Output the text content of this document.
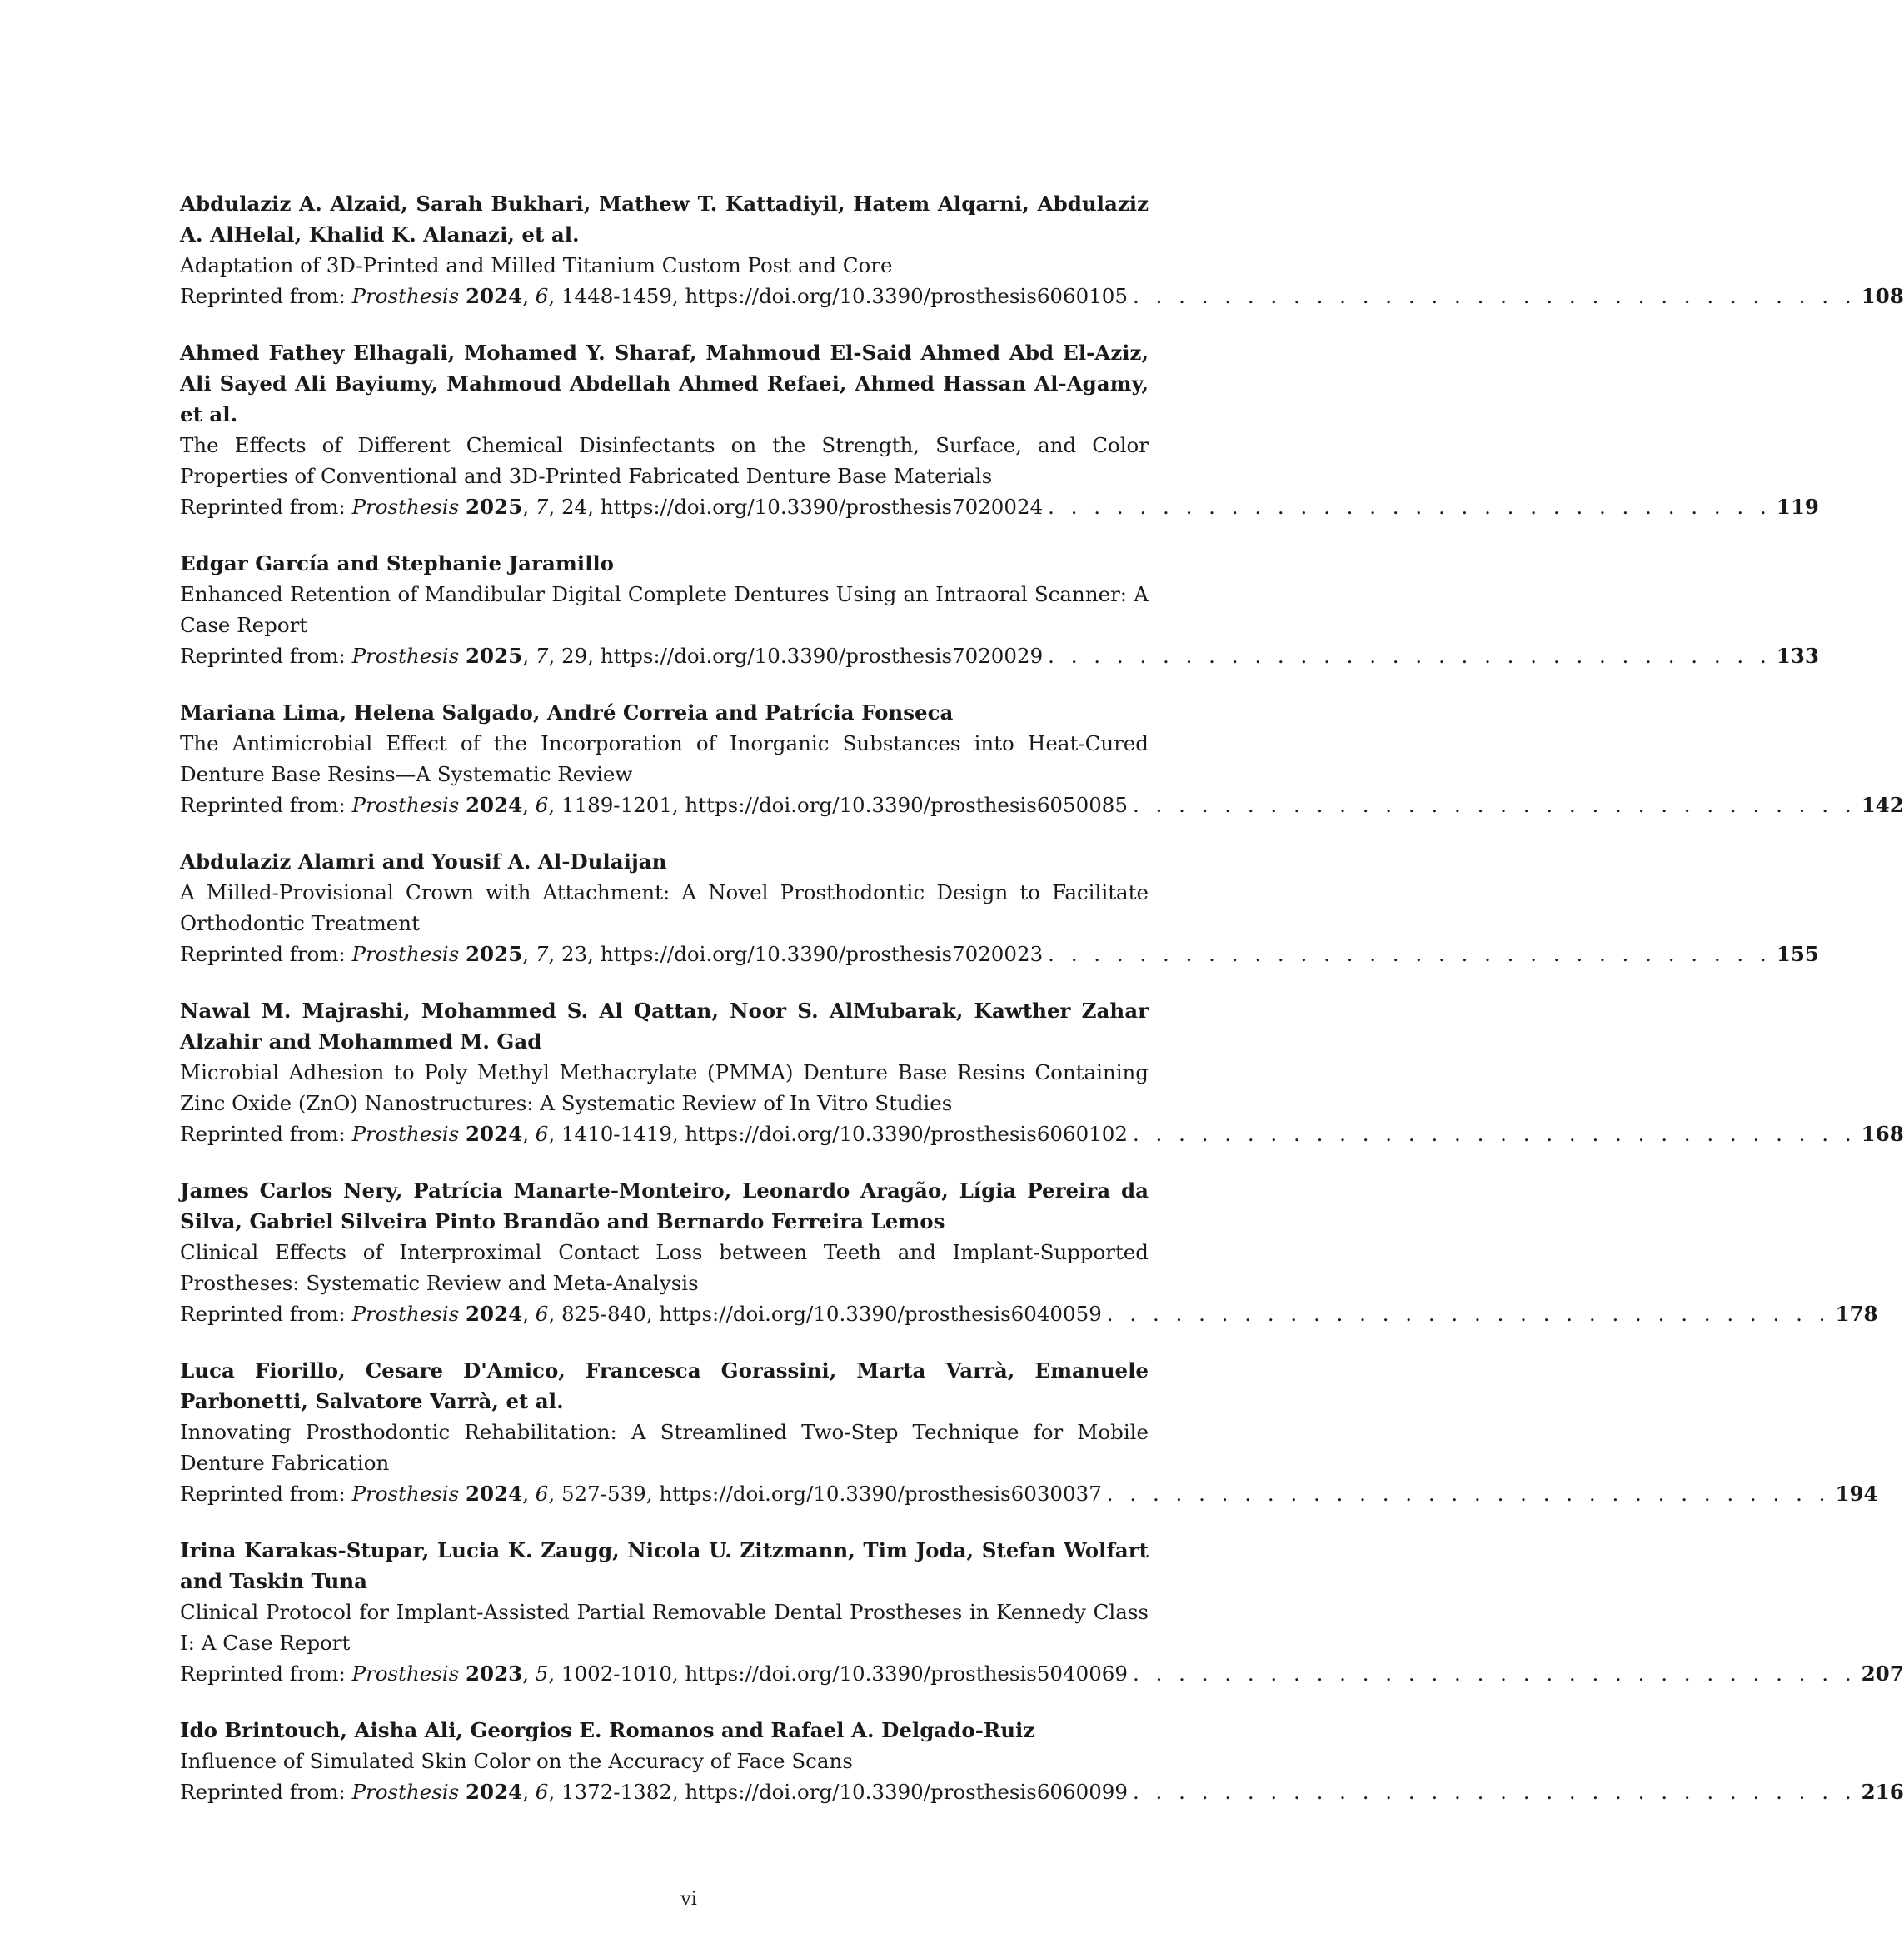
Abdulaziz A. Alzaid, Sarah Bukhari, Mathew T. Kattadiyil, Hatem Alqarni, Abdulaziz A. AlHelal, Khalid K. Alanazi, et al.
Adaptation of 3D-Printed and Milled Titanium Custom Post and Core
Reprinted from: Prosthesis 2024, 6, 1448-1459, https://doi.org/10.3390/prosthesis6060105 . . . . . . . . . . . . . . . . . . . . . . . . . . . . . . . . 108
Ahmed Fathey Elhagali, Mohamed Y. Sharaf, Mahmoud El-Said Ahmed Abd El-Aziz, Ali Sayed Ali Bayiumy, Mahmoud Abdellah Ahmed Refaei, Ahmed Hassan Al-Agamy, et al.
The Effects of Different Chemical Disinfectants on the Strength, Surface, and Color Properties of Conventional and 3D-Printed Fabricated Denture Base Materials
Reprinted from: Prosthesis 2025, 7, 24, https://doi.org/10.3390/prosthesis7020024 . . . . . . . . . . . . . . . . . . . . . . . . . . . . . . . . 119
Edgar García and Stephanie Jaramillo
Enhanced Retention of Mandibular Digital Complete Dentures Using an Intraoral Scanner: A Case Report
Reprinted from: Prosthesis 2025, 7, 29, https://doi.org/10.3390/prosthesis7020029 . . . . . . . . . . . . . . . . . . . . . . . . . . . . . . . . 133
Mariana Lima, Helena Salgado, André Correia and Patrícia Fonseca
The Antimicrobial Effect of the Incorporation of Inorganic Substances into Heat-Cured Denture Base Resins—A Systematic Review
Reprinted from: Prosthesis 2024, 6, 1189-1201, https://doi.org/10.3390/prosthesis6050085 . . . . . . . . . . . . . . . . . . . . . . . . . . . . . . . . 142
Abdulaziz Alamri and Yousif A. Al-Dulaijan
A Milled-Provisional Crown with Attachment: A Novel Prosthodontic Design to Facilitate Orthodontic Treatment
Reprinted from: Prosthesis 2025, 7, 23, https://doi.org/10.3390/prosthesis7020023 . . . . . . . . . . . . . . . . . . . . . . . . . . . . . . . . 155
Nawal M. Majrashi, Mohammed S. Al Qattan, Noor S. AlMubarak, Kawther Zahar Alzahir and Mohammed M. Gad
Microbial Adhesion to Poly Methyl Methacrylate (PMMA) Denture Base Resins Containing Zinc Oxide (ZnO) Nanostructures: A Systematic Review of In Vitro Studies
Reprinted from: Prosthesis 2024, 6, 1410-1419, https://doi.org/10.3390/prosthesis6060102 . . . . . . . . . . . . . . . . . . . . . . . . . . . . . . . . 168
James Carlos Nery, Patrícia Manarte-Monteiro, Leonardo Aragão, Lígia Pereira da Silva, Gabriel Silveira Pinto Brandão and Bernardo Ferreira Lemos
Clinical Effects of Interproximal Contact Loss between Teeth and Implant-Supported Prostheses: Systematic Review and Meta-Analysis
Reprinted from: Prosthesis 2024, 6, 825-840, https://doi.org/10.3390/prosthesis6040059 . . . . . . . . . . . . . . . . . . . . . . . . . . . . . . . . 178
Luca Fiorillo, Cesare D'Amico, Francesca Gorassini, Marta Varrà, Emanuele Parbonetti, Salvatore Varrà, et al.
Innovating Prosthodontic Rehabilitation: A Streamlined Two-Step Technique for Mobile Denture Fabrication
Reprinted from: Prosthesis 2024, 6, 527-539, https://doi.org/10.3390/prosthesis6030037 . . . . . . . . . . . . . . . . . . . . . . . . . . . . . . . . 194
Irina Karakas-Stupar, Lucia K. Zaugg, Nicola U. Zitzmann, Tim Joda, Stefan Wolfart and Taskin Tuna
Clinical Protocol for Implant-Assisted Partial Removable Dental Prostheses in Kennedy Class I: A Case Report
Reprinted from: Prosthesis 2023, 5, 1002-1010, https://doi.org/10.3390/prosthesis5040069 . . . . . . . . . . . . . . . . . . . . . . . . . . . . . . . . 207
Ido Brintouch, Aisha Ali, Georgios E. Romanos and Rafael A. Delgado-Ruiz
Influence of Simulated Skin Color on the Accuracy of Face Scans
Reprinted from: Prosthesis 2024, 6, 1372-1382, https://doi.org/10.3390/prosthesis6060099 . . . . . . . . . . . . . . . . . . . . . . . . . . . . . . . . 216
vi
